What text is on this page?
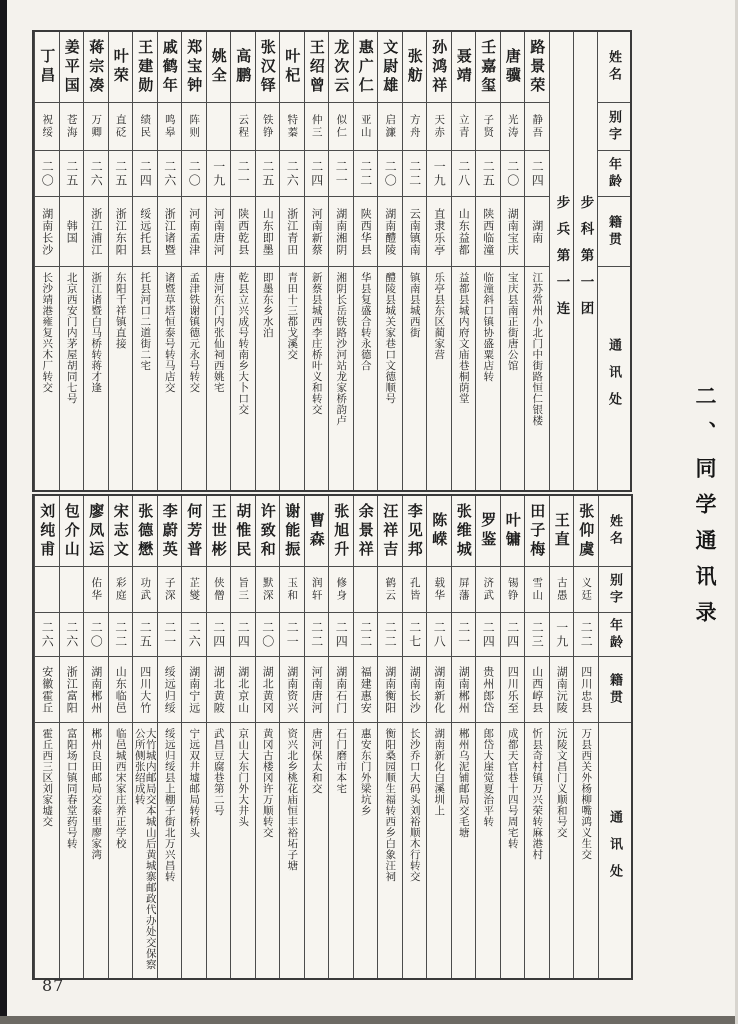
姓名
别字
年龄
籍贯
通讯处
步科第一团
步兵第一连
路景荣
静吾
二四
湖南
江苏常州小北门中街路恒仁银楼
唐骥
光涛
二〇
湖南宝庆
宝庆县南正街唐公馆
壬嘉玺
子贤
二五
陕西临潼
临潼斜口镇协盛粟店转
聂靖
立青
二八
山东益都
益都县城内府文庙巷桐荫堂
孙鸿祥
天赤
一九
直隶乐亭
乐亭县东区蔺家营
张舫
方舟
二二
云南镇南
镇南县城西街
文尉雄
启濂
二〇
湖南醴陵
醴陵县城关家巷口文德顺号
惠广仁
亚山
二二
陕西华县
华县复盛合转永德合
龙次云
似仁
二一
湖南湘阴
湘阴长岳铁路沙河站龙家桥韵卢
王绍曾
仲三
二四
河南新蔡
新蔡县城西李庄桥叶义和转交
叶杞
特蓁
二六
浙江青田
青田十三都戈溪交
张汉铎
铁铮
二五
山东即墨
即墨东乡水泊
高鹏
云程
二一
陕西乾县
乾县立兴成号转南乡大卜口交
姚全
一九
河南唐河
唐河东门内张仙祠西姚宅
郑宝钟
阵则
二〇
河南孟津
孟津铁谢镇德元永号转交
戚鹤年
鸣皋
二六
浙江诸暨
诸暨草塔恒泰号转马店交
王建勋
绩民
二四
绥远托县
托县河口二道街二宅
叶荣
直砭
二五
浙江东阳
东阳千祥镇直接
蒋宗凑
万卿
二六
浙江浦江
浙江诸暨白马桥转蒋才逢
姜平国
苍海
二五
韩国
北京西安门内茅屋胡同七号
丁昌
祝绥
二〇
湖南长沙
长沙靖港雍复兴木厂转交
姓名
别字
年龄
籍贯
通讯处
张仰虞
义廷
二二
四川忠县
万县西关外杨柳嘴鸿义生交
王直
古愚
一九
湖南沅陵
沅陵文昌门义顺和号交
田子梅
雪山
二三
山西崞县
忻县奇村镇万兴荣转麻港村
叶镛
锡铮
二四
四川乐至
成都天官巷十四号周宅转
罗鉴
济武
二四
贵州郎岱
郎岱大崖觉夏治平转
张维城
屏藩
二一
湖南郴州
郴州乌泥铺邮局交毛塘
陈嵘
载华
二八
湖南新化
湖南新化白溪圳上
李见邦
孔皆
二七
湖南长沙
长沙乔口大码头刘裕顺木行转交
汪祥吉
鹤云
二二
湖南衡阳
衡阳桑园顺生福转西乡白象汪祠
余景祥
二二
福建惠安
惠安东门外梁坑乡
张旭升
修身
二四
湖南石门
石门磨市本宅
曹森
润轩
二二
河南唐河
唐河保太和交
谢能振
玉和
二一
湖南资兴
资兴北乡桃花庙恒丰裕坧子塘
许致和
默深
二〇
湖北黄冈
黄冈古楼冈许万顺转交
胡惟民
旨三
二四
湖北京山
京山大东门外大井头
王世彬
侠僧
二四
湖北黄陂
武昌豆腐巷第二号
何芳普
芷燮
二六
湖南宁远
宁远双井墟邮局转桥头
李蔚英
子深
二一
绥远归绥
绥远归绥县上棚子街北万兴昌转
张德懋
功武
二五
四川大竹
大竹城内邮局交本城山后黄城寨邮政代办处交保察公所侧张绍成转
宋志文
彩庭
二二
山东临邑
临邑城西宋家庄养正学校
廖凤运
佑华
二〇
湖南郴州
郴州良田邮局交泰里廖家湾
包介山
二六
浙江富阳
富阳场口镇同春堂药号转
刘纯甫
二六
安徽霍丘
霍丘西三区刘家墟交
二、同学通讯录
87
